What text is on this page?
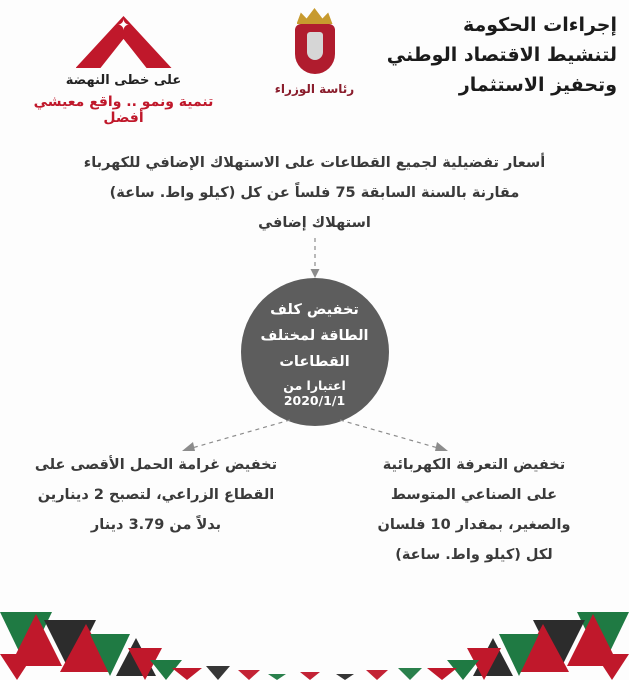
إجراءات الحكومة
لتنشيط الاقتصاد الوطني
وتحفيز الاستثمار
رئاسة الوزراء
✦
على خطى النهضة
تنمية ونمو .. واقع معيشي أفضل
أسعار تفضيلية لجميع القطاعات على الاستهلاك الإضافي للكهرباء
مقارنة بالسنة السابقة 75 فلساً عن كل (كيلو واط. ساعة)
استهلاك إضافي
تخفيض كلف
الطاقة لمختلف
القطاعات
اعتبارا من 2020/1/1
تخفيض غرامة الحمل الأقصى على
القطاع الزراعي، لتصبح 2 دينارين
بدلاً من 3.79 دينار
تخفيض التعرفة الكهربائية
على الصناعي المتوسط
والصغير، بمقدار 10 فلسان
لكل (كيلو واط. ساعة)
